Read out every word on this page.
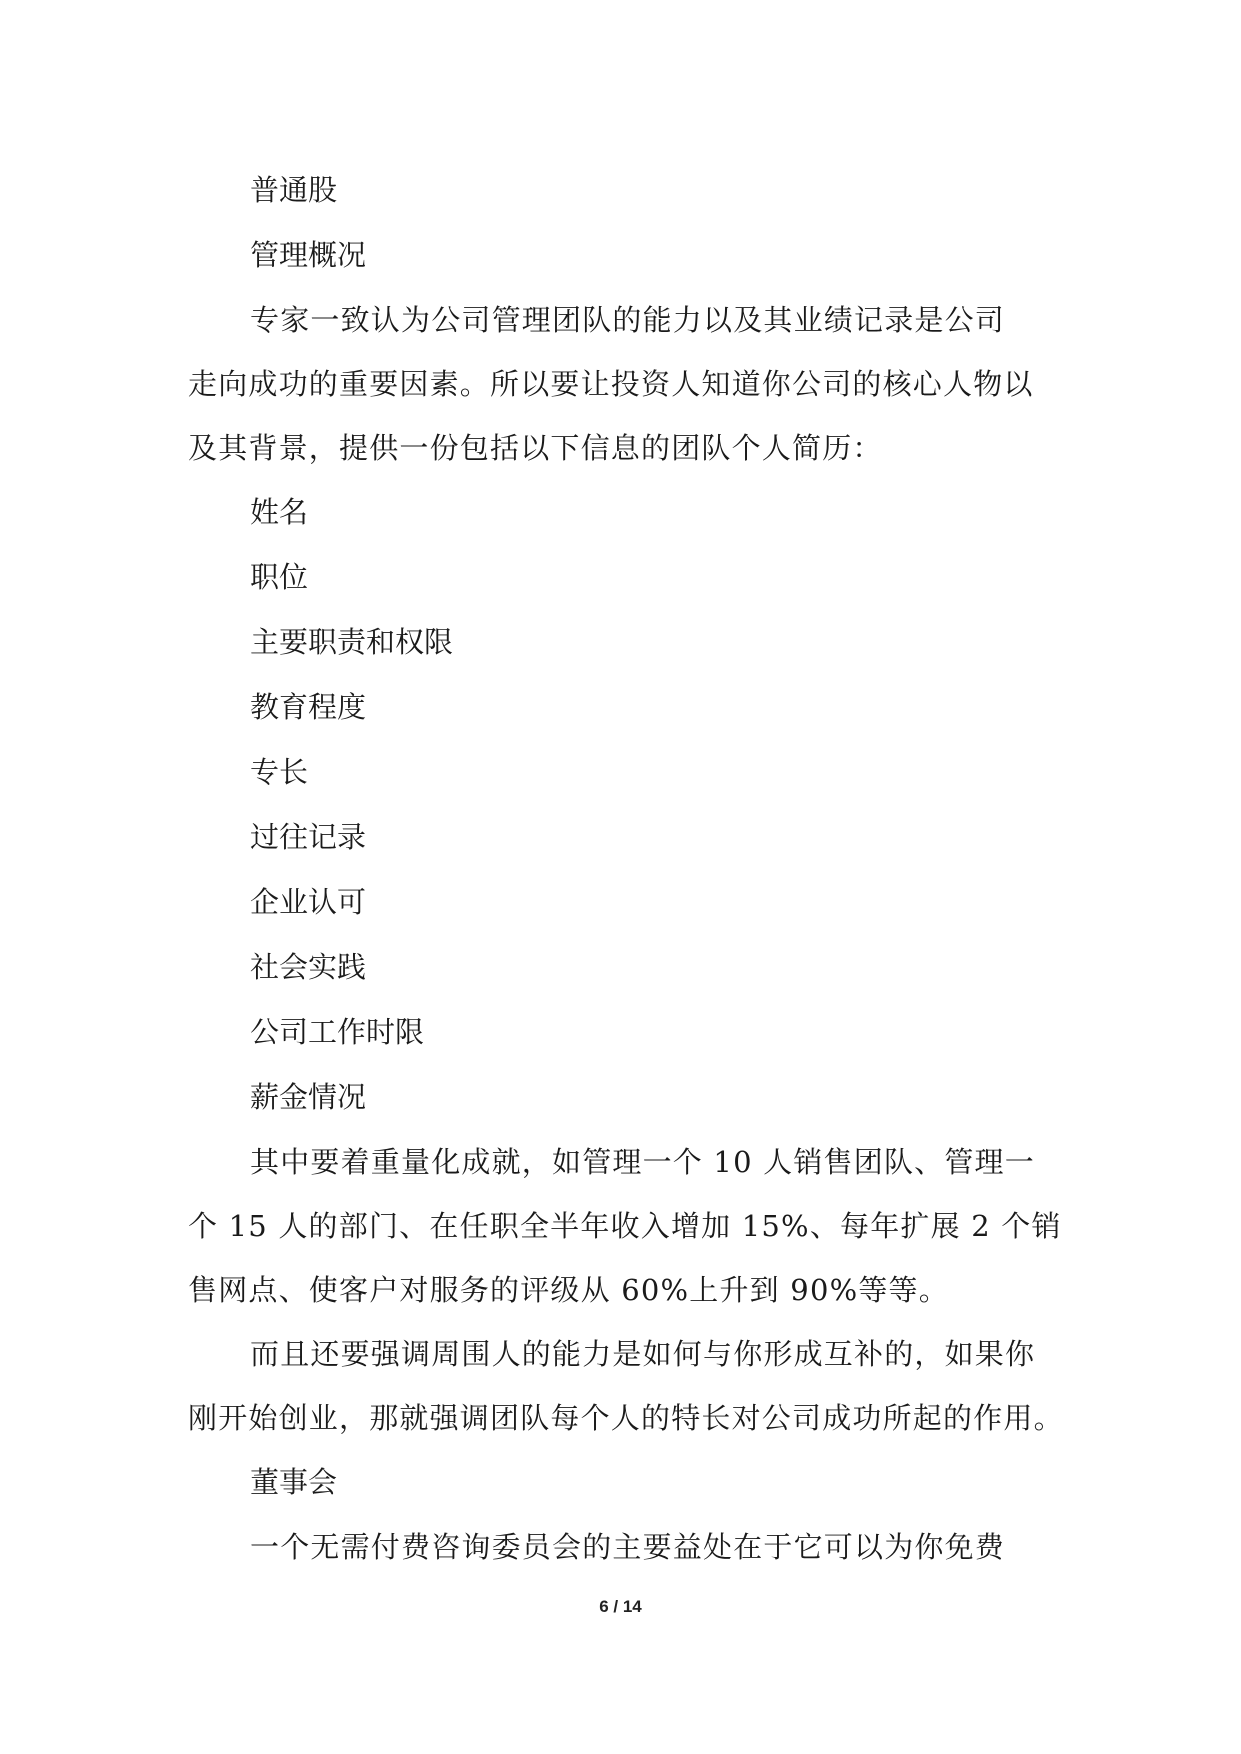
普通股
管理概况
专家一致认为公司管理团队的能力以及其业绩记录是公司
走向成功的重要因素。所以要让投资人知道你公司的核心人物以
及其背景，提供一份包括以下信息的团队个人简历：
姓名
职位
主要职责和权限
教育程度
专长
过往记录
企业认可
社会实践
公司工作时限
薪金情况
其中要着重量化成就，如管理一个 10 人销售团队、管理一
个 15 人的部门、在任职全半年收入增加 15%、每年扩展 2 个销
售网点、使客户对服务的评级从 60%上升到 90%等等。
而且还要强调周围人的能力是如何与你形成互补的，如果你
刚开始创业，那就强调团队每个人的特长对公司成功所起的作用。
董事会
一个无需付费咨询委员会的主要益处在于它可以为你免费
6 / 14
